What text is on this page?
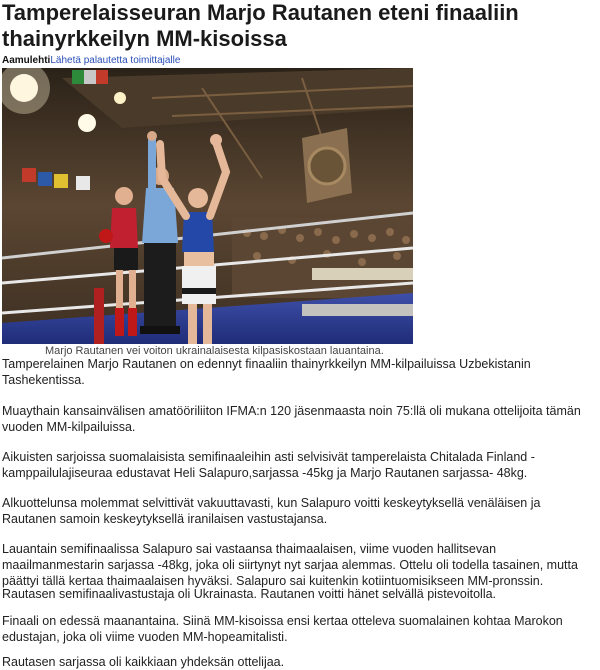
Tamperelaisseuran Marjo Rautanen eteni finaaliin thainyrkkeilyn MM-kisoissa
AamulehtiLähetä palautetta toimittajalle
Marjo Rautanen vei voiton ukrainalaisesta kilpasiskostaan lauantaina.

Tamperelainen Marjo Rautanen on edennyt finaaliin thainyrkkeilyn MM-kilpailuissa Uzbekistanin Tashekentissa.

Muaythain kansainvälisen amatööriliiton IFMA:n 120 jäsenmaasta noin 75:llä oli mukana ottelijoita tämän vuoden MM-kilpailuissa.

Aikuisten sarjoissa suomalaisista semifinaaleihin asti selvisivät tamperelaista Chitalada Finland -kamppailulajiseuraa edustavat Heli Salapuro,sarjassa -45kg ja Marjo Rautanen sarjassa- 48kg.

Alkuottelunsa molemmat selvittivät vakuuttavasti, kun Salapuro voitti keskeytyksellä venäläisen ja Rautanen samoin keskeytyksellä iranilaisen vastustajansa.

Lauantain semifinaalissa Salapuro sai vastaansa thaimaalaisen, viime vuoden hallitsevan maailmanmestarin sarjassa -48kg, joka oli siirtynyt nyt sarjaa alemmas. Ottelu oli todella tasainen, mutta päättyi tällä kertaa thaimaalaisen hyväksi. Salapuro sai kuitenkin kotiintuomisikseen MM-pronssin.

Rautasen semifinaalivastustaja oli Ukrainasta. Rautanen voitti hänet selvällä pistevoitolla.

Finaali on edessä maanantaina. Siinä MM-kisoissa ensi kertaa otteleva suomalainen kohtaa Marokon edustajan, joka oli viime vuoden MM-hopeamitalisti.

Rautasen sarjassa oli kaikkiaan yhdeksän ottelijaa.
